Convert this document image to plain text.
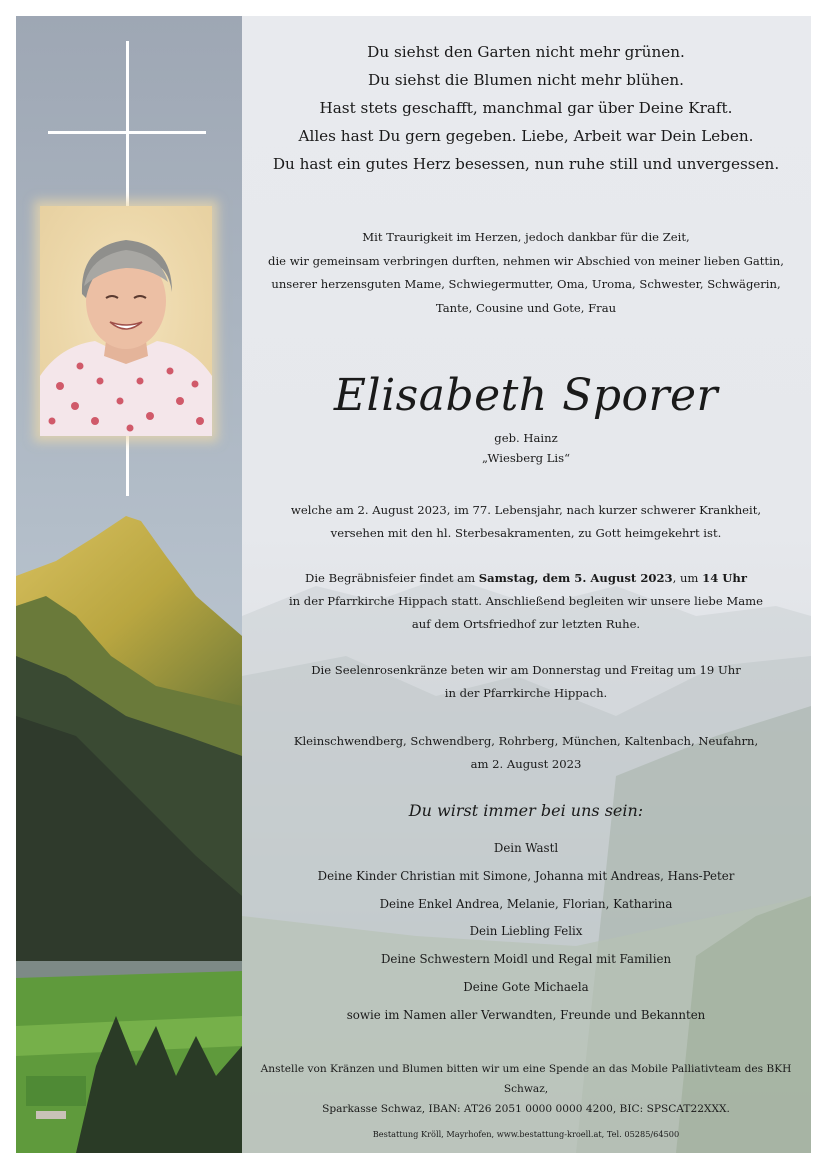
Du siehst den Garten nicht mehr grünen.

Du siehst die Blumen nicht mehr blühen.

Hast stets geschafft, manchmal gar über Deine Kraft.

Alles hast Du gern gegeben. Liebe, Arbeit war Dein Leben.

Du hast ein gutes Herz besessen, nun ruhe still und unvergessen.

Mit Traurigkeit im Herzen, jedoch dankbar für die Zeit,

die wir gemeinsam verbringen durften, nehmen wir Abschied von meiner lieben Gattin,

unserer herzensguten Mame, Schwiegermutter, Oma, Uroma, Schwester, Schwägerin,

Tante, Cousine und Gote, Frau

Elisabeth Sporer
geb. Hainz
„Wiesberg Lis“

welche am 2. August 2023, im 77. Lebensjahr, nach kurzer schwerer Krankheit,

versehen mit den hl. Sterbesakramenten, zu Gott heimgekehrt ist.

Die Begräbnisfeier findet am Samstag, dem 5. August 2023, um 14 Uhr

in der Pfarrkirche Hippach statt. Anschließend begleiten wir unsere liebe Mame

auf dem Ortsfriedhof zur letzten Ruhe.

Die Seelenrosenkränze beten wir am Donnerstag und Freitag um 19 Uhr

in der Pfarrkirche Hippach.

Kleinschwendberg, Schwendberg, Rohrberg, München, Kaltenbach, Neufahrn,

am 2. August 2023

Du wirst immer bei uns sein:

Dein Wastl

Deine Kinder Christian mit Simone, Johanna mit Andreas, Hans-Peter

Deine Enkel Andrea, Melanie, Florian, Katharina

Dein Liebling Felix

Deine Schwestern Moidl und Regal mit Familien

Deine Gote Michaela

sowie im Namen aller Verwandten, Freunde und Bekannten

Anstelle von Kränzen und Blumen bitten wir um eine Spende an das Mobile Palliativteam des BKH Schwaz,

Sparkasse Schwaz, IBAN: AT26 2051 0000 0000 4200, BIC: SPSCAT22XXX.

Bestattung Kröll, Mayrhofen, www.bestattung-kroell.at, Tel. 05285/64500
